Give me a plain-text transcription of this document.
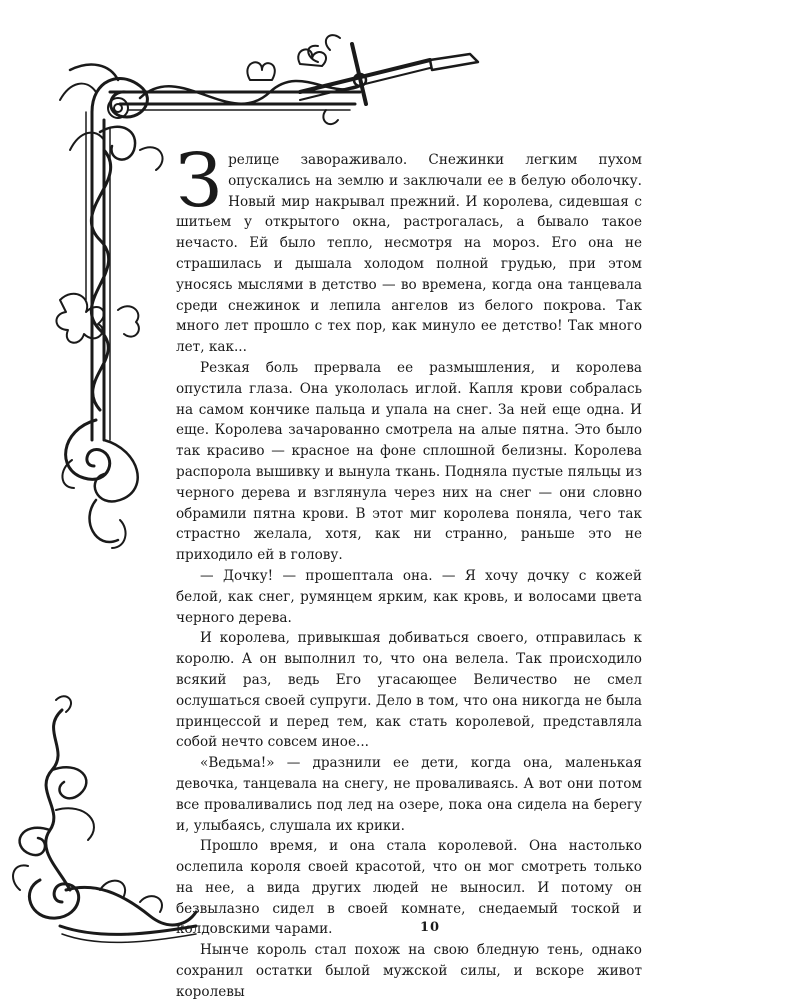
Зрелице завораживало. Снежинки легким пухом опускались на землю и заключали ее в белую оболочку. Новый мир накрывал прежний. И королева, сидевшая с шитьем у открытого окна, растрогалась, а бывало такое нечасто. Ей было тепло, несмотря на мороз. Его она не страшилась и дышала холодом полной грудью, при этом уносясь мыслями в детство — во времена, когда она танцевала среди снежинок и лепила ангелов из белого покрова. Так много лет прошло с тех пор, как минуло ее детство! Так много лет, как...

Резкая боль прервала ее размышления, и королева опустила глаза. Она укололась иглой. Капля крови собралась на самом кончике пальца и упала на снег. За ней еще одна. И еще. Королева зачарованно смотрела на алые пятна. Это было так красиво — красное на фоне сплошной белизны. Королева распорола вышивку и вынула ткань. Подняла пустые пяльцы из черного дерева и взглянула через них на снег — они словно обрамили пятна крови. В этот миг королева поняла, чего так страстно желала, хотя, как ни странно, раньше это не приходило ей в голову.

— Дочку! — прошептала она. — Я хочу дочку с кожей белой, как снег, румянцем ярким, как кровь, и волосами цвета черного дерева.

И королева, привыкшая добиваться своего, отправилась к королю. А он выполнил то, что она велела. Так происходило всякий раз, ведь Его угасающее Величество не смел ослушаться своей супруги. Дело в том, что она никогда не была принцессой и перед тем, как стать королевой, представляла собой нечто совсем иное...

«Ведьма!» — дразнили ее дети, когда она, маленькая девочка, танцевала на снегу, не проваливаясь. А вот они потом все проваливались под лед на озере, пока она сидела на берегу и, улыбаясь, слушала их крики.

Прошло время, и она стала королевой. Она настолько ослепила короля своей красотой, что он мог смотреть только на нее, а вида других людей не выносил. И потому он безвылазно сидел в своей комнате, снедаемый тоской и колдовскими чарами.

Нынче король стал похож на свою бледную тень, однако сохранил остатки былой мужской силы, и вскоре живот королевы

10
